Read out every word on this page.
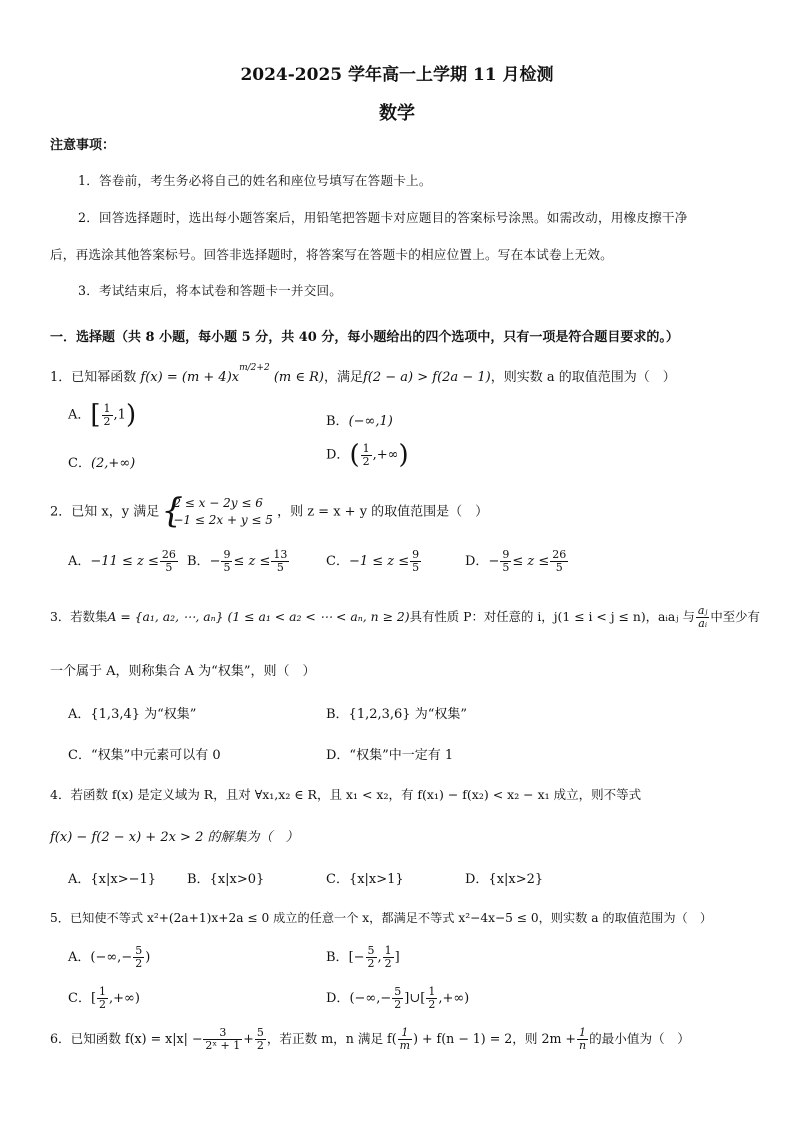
2024-2025 学年高一上学期 11 月检测
数学
注意事项：
1．答卷前，考生务必将自己的姓名和座位号填写在答题卡上。
2．回答选择题时，选出每小题答案后，用铅笔把答题卡对应题目的答案标号涂黑。如需改动，用橡皮擦干净
后，再选涂其他答案标号。回答非选择题时，将答案写在答题卡的相应位置上。写在本试卷上无效。
3．考试结束后，将本试卷和答题卡一并交回。
一．选择题（共 8 小题，每小题 5 分，共 40 分，每小题给出的四个选项中，只有一项是符合题目要求的。）
1．已知幂函数 $f(x) = (m + 4)x^{m/2+2}$ (m ∈ R)，满足f(2 − a) > f(2a − 1)，则实数 a 的取值范围为（　）
A．[ $\frac{1}{2} ,1$)	B．(−∞,1)
C．(2,+∞)
D．( $\frac{1}{2}$ ,+∞)
2．已知 x，y 满足
{ 2 ≤ x − 2y ≤ 6
−1 ≤ 2x + y ≤ 5
，则 z = x + y 的取值范围是（　）
A．$-11 \le z \le \frac{26}{5}$ B．− $\frac{9}{5} \le z \le \frac{13}{5}$	C．$-1 \le z \le \frac{9}{5}$	D．− $\frac{9}{5} \le z \le \frac{26}{5}$
3．若数集A = {a₁, a₂, ⋯, aₙ} (1 ≤ a₁ < a₂ < ⋯ < aₙ, n ≥ 2)具有性质 P：对任意的 i，j(1 ≤ i < j ≤ n)，aᵢaⱼ 与 $\frac{\text{aⱼ}}{\text{aᵢ}}$ 中至少有
一个属于 A，则称集合 A 为“权集”，则（　）
A．{1,3,4} 为“权集”	B．{1,2,3,6} 为“权集”
C．“权集”中元素可以有 0	D．“权集”中一定有 1
4．若函数 f(x) 是定义域为 R，且对 ∀x₁,x₂ ∈ R，且 x₁ < x₂，有 f(x₁) − f(x₂) < x₂ − x₁ 成立，则不等式
f(x) − f(2 − x) + 2x > 2 的解集为（　）
A．{x|x>−1} B．{x|x>0}	C．{x|x>1}	D．{x|x>2}
5．已知使不等式 x²+(2a+1)x+2a ≤ 0 成立的任意一个 x，都满足不等式 x²−4x−5 ≤ 0，则实数 a 的取值范围为（　）
A．(−∞,− $\frac{5}{2}$ )	B．[− $\frac{5}{2}$ , $\frac{1}{2}$ ]
C．[ $\frac{1}{2}$ ,+∞)	D．(−∞,− $\frac{5}{2}$ ]∪[ $\frac{1}{2}$ ,+∞)
6．已知函数 $f(x) = x|x| - \frac{3}{\text{2ˣ + 1}} + \frac{5}{2}$ ，若正数 m，n 满足 $f( \frac{1}{m}$ ) + f(n − 1) = 2，则 $2m + \frac{1}{n}$ 的最小值为（　）
